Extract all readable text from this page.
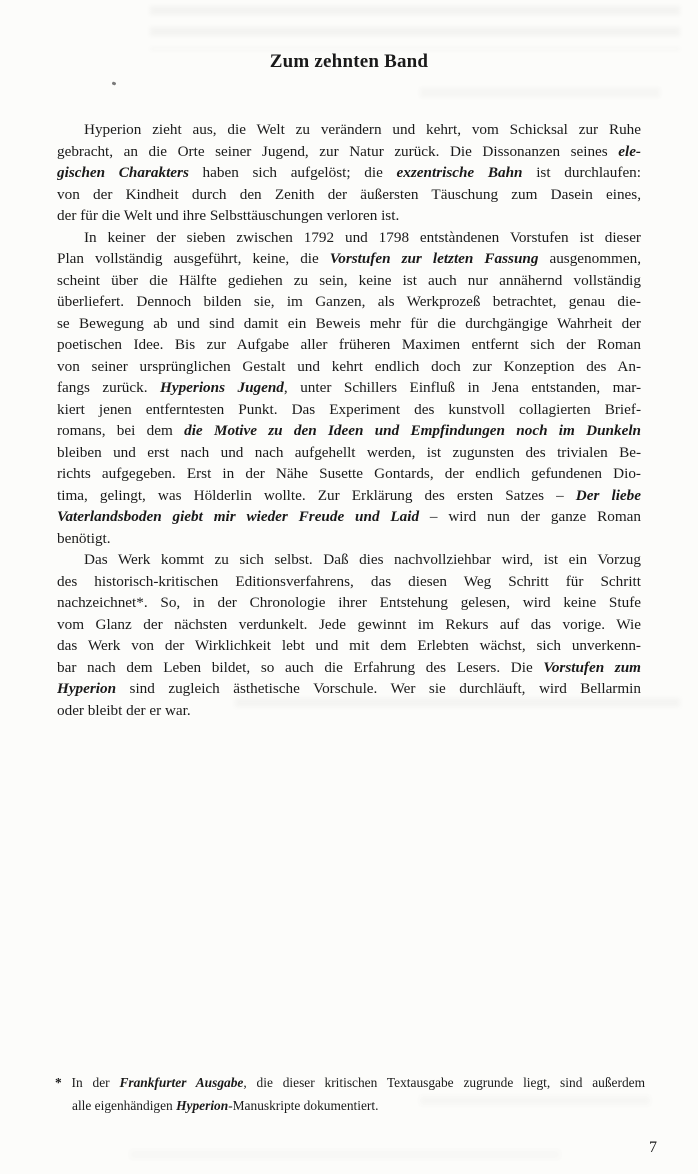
Zum zehnten Band
Hyperion zieht aus, die Welt zu verändern und kehrt, vom Schicksal zur Ruhe
gebracht, an die Orte seiner Jugend, zur Natur zurück. Die Dissonanzen seines ele-
gischen Charakters haben sich aufgelöst; die exzentrische Bahn ist durchlaufen:
von der Kindheit durch den Zenith der äußersten Täuschung zum Dasein eines,
der für die Welt und ihre Selbsttäuschungen verloren ist.
In keiner der sieben zwischen 1792 und 1798 entstàndenen Vorstufen ist dieser
Plan vollständig ausgeführt, keine, die Vorstufen zur letzten Fassung ausgenommen,
scheint über die Hälfte gediehen zu sein, keine ist auch nur annähernd vollständig
überliefert. Dennoch bilden sie, im Ganzen, als Werkprozeß betrachtet, genau die-
se Bewegung ab und sind damit ein Beweis mehr für die durchgängige Wahrheit der
poetischen Idee. Bis zur Aufgabe aller früheren Maximen entfernt sich der Roman
von seiner ursprünglichen Gestalt und kehrt endlich doch zur Konzeption des An-
fangs zurück. Hyperions Jugend, unter Schillers Einfluß in Jena entstanden, mar-
kiert jenen entferntesten Punkt. Das Experiment des kunstvoll collagierten Brief-
romans, bei dem die Motive zu den Ideen und Empfindungen noch im Dunkeln
bleiben und erst nach und nach aufgehellt werden, ist zugunsten des trivialen Be-
richts aufgegeben. Erst in der Nähe Susette Gontards, der endlich gefundenen Dio-
tima, gelingt, was Hölderlin wollte. Zur Erklärung des ersten Satzes – Der liebe
Vaterlandsboden giebt mir wieder Freude und Laid – wird nun der ganze Roman
benötigt.
Das Werk kommt zu sich selbst. Daß dies nachvollziehbar wird, ist ein Vorzug
des historisch-kritischen Editionsverfahrens, das diesen Weg Schritt für Schritt
nachzeichnet*. So, in der Chronologie ihrer Entstehung gelesen, wird keine Stufe
vom Glanz der nächsten verdunkelt. Jede gewinnt im Rekurs auf das vorige. Wie
das Werk von der Wirklichkeit lebt und mit dem Erlebten wächst, sich unverkenn-
bar nach dem Leben bildet, so auch die Erfahrung des Lesers. Die Vorstufen zum
Hyperion sind zugleich ästhetische Vorschule. Wer sie durchläuft, wird Bellarmin
oder bleibt der er war.
* In der Frankfurter Ausgabe, die dieser kritischen Textausgabe zugrunde liegt, sind außerdem
alle eigenhändigen Hyperion-Manuskripte dokumentiert.
7
